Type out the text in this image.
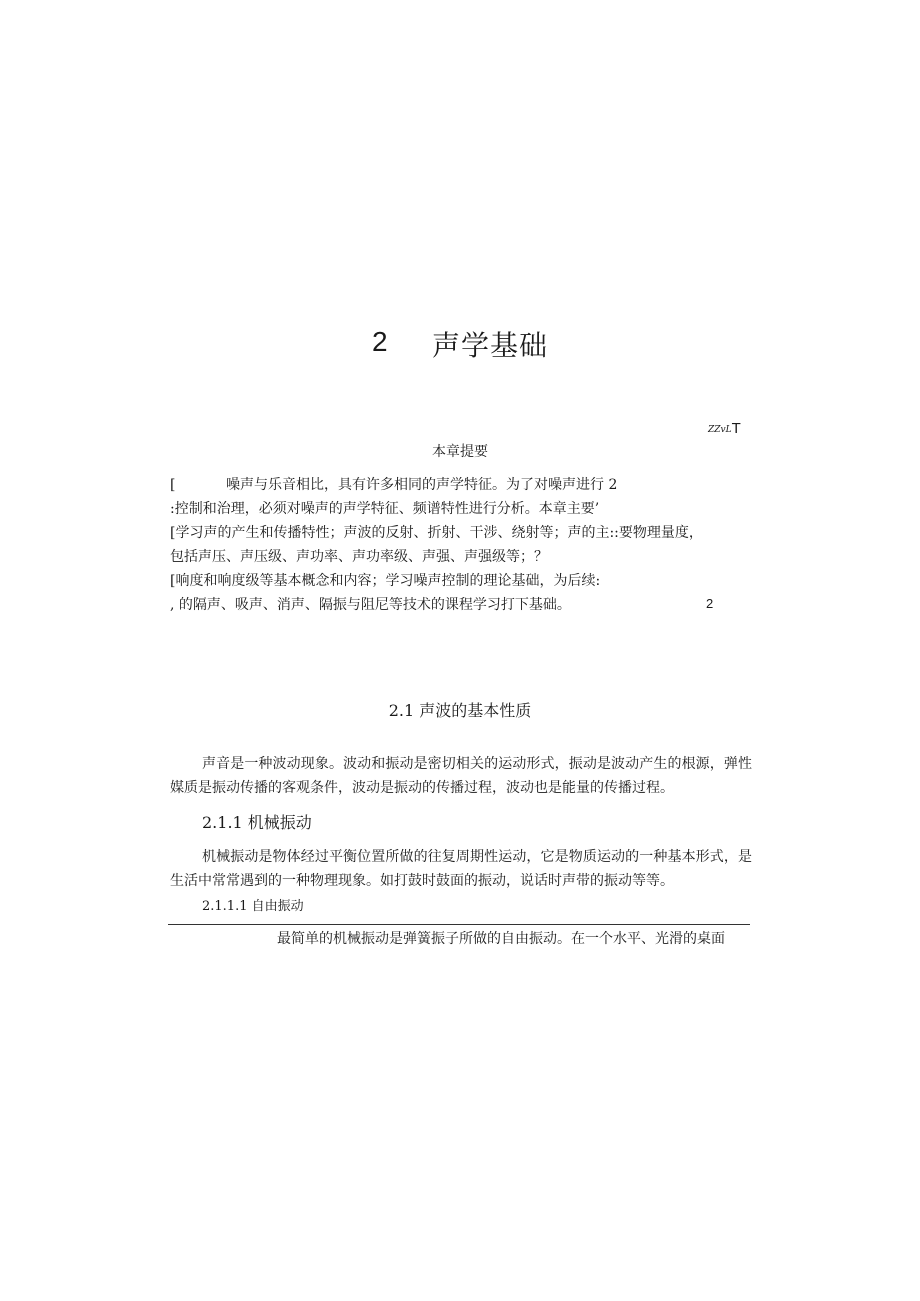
2 声学基础
ZZvLT
本章提要
[	噪声与乐音相比，具有许多相同的声学特征。为了对噪声进行 2
:控制和治理，必须对噪声的声学特征、频谱特性进行分析。本章主要’
[学习声的产生和传播特性；声波的反射、折射、干涉、绕射等；声的主::要物理量度，
包括声压、声压级、声功率、声功率级、声强、声强级等；？
[响度和响度级等基本概念和内容；学习噪声控制的理论基础，为后续:
, 的隔声、吸声、消声、隔振与阻尼等技术的课程学习打下基础。	2
2.1 声波的基本性质
声音是一种波动现象。波动和振动是密切相关的运动形式，振动是波动产生的根源，弹性媒质是振动传播的客观条件，波动是振动的传播过程，波动也是能量的传播过程。
2.1.1 机械振动
机械振动是物体经过平衡位置所做的往复周期性运动，它是物质运动的一种基本形式，是生活中常常遇到的一种物理现象。如打鼓时鼓面的振动，说话时声带的振动等等。
2.1.1.1 自由振动
最简单的机械振动是弹簧振子所做的自由振动。在一个水平、光滑的桌面
